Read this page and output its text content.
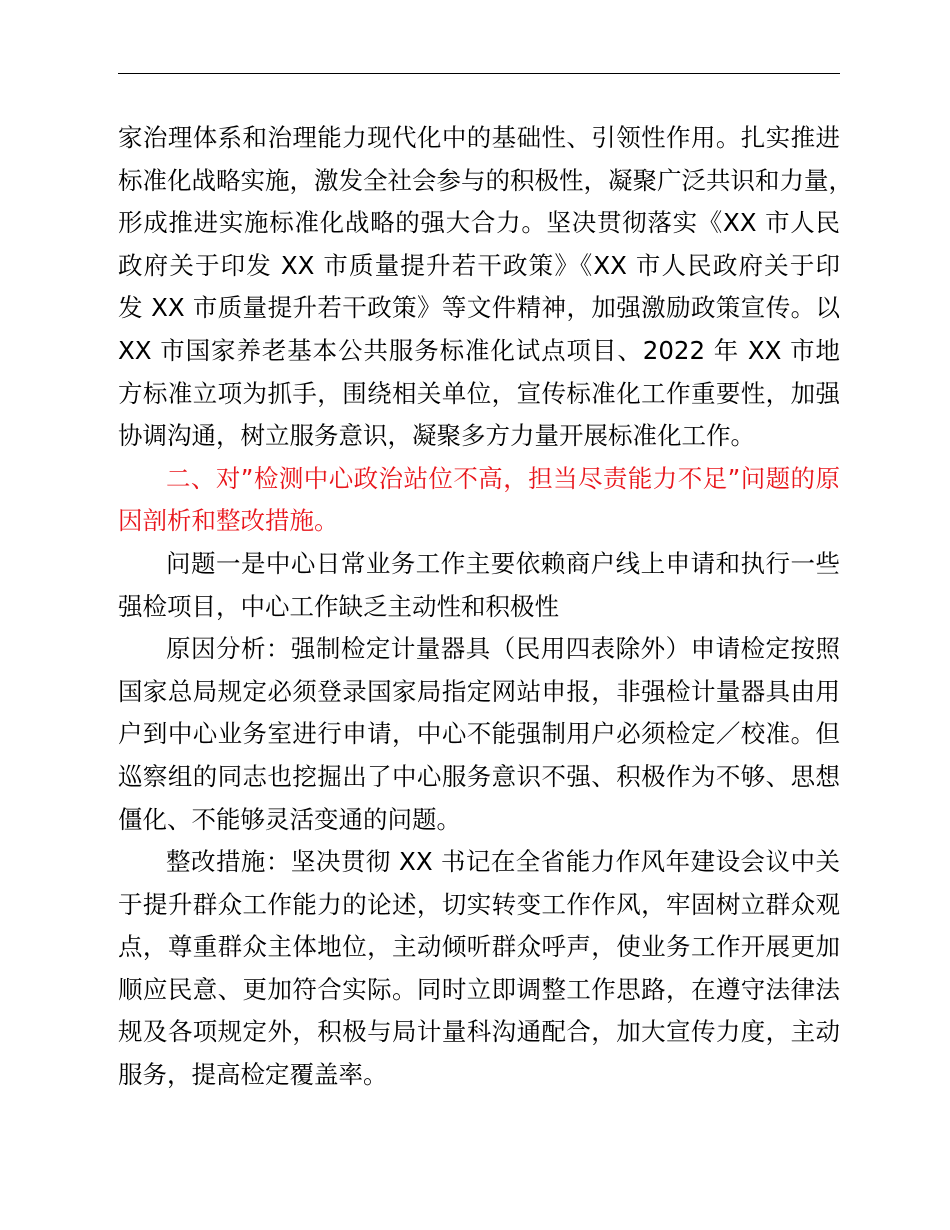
家治理体系和治理能力现代化中的基础性、引领性作用。扎实推进
标准化战略实施，激发全社会参与的积极性，凝聚广泛共识和力量，
形成推进实施标准化战略的强大合力。坚决贯彻落实《XX 市人民
政府关于印发 XX 市质量提升若干政策》《XX 市人民政府关于印
发 XX 市质量提升若干政策》等文件精神，加强激励政策宣传。以
XX 市国家养老基本公共服务标准化试点项目、2022 年 XX 市地
方标准立项为抓手，围绕相关单位，宣传标准化工作重要性，加强
协调沟通，树立服务意识，凝聚多方力量开展标准化工作。
二、对”检测中心政治站位不高，担当尽责能力不足”问题的原
因剖析和整改措施。
问题一是中心日常业务工作主要依赖商户线上申请和执行一些
强检项目，中心工作缺乏主动性和积极性
原因分析：强制检定计量器具（民用四表除外）申请检定按照
国家总局规定必须登录国家局指定网站申报，非强检计量器具由用
户到中心业务室进行申请，中心不能强制用户必须检定／校准。但
巡察组的同志也挖掘出了中心服务意识不强、积极作为不够、思想
僵化、不能够灵活变通的问题。
整改措施：坚决贯彻 XX 书记在全省能力作风年建设会议中关
于提升群众工作能力的论述，切实转变工作作风，牢固树立群众观
点，尊重群众主体地位，主动倾听群众呼声，使业务工作开展更加
顺应民意、更加符合实际。同时立即调整工作思路，在遵守法律法
规及各项规定外，积极与局计量科沟通配合，加大宣传力度，主动
服务，提高检定覆盖率。
